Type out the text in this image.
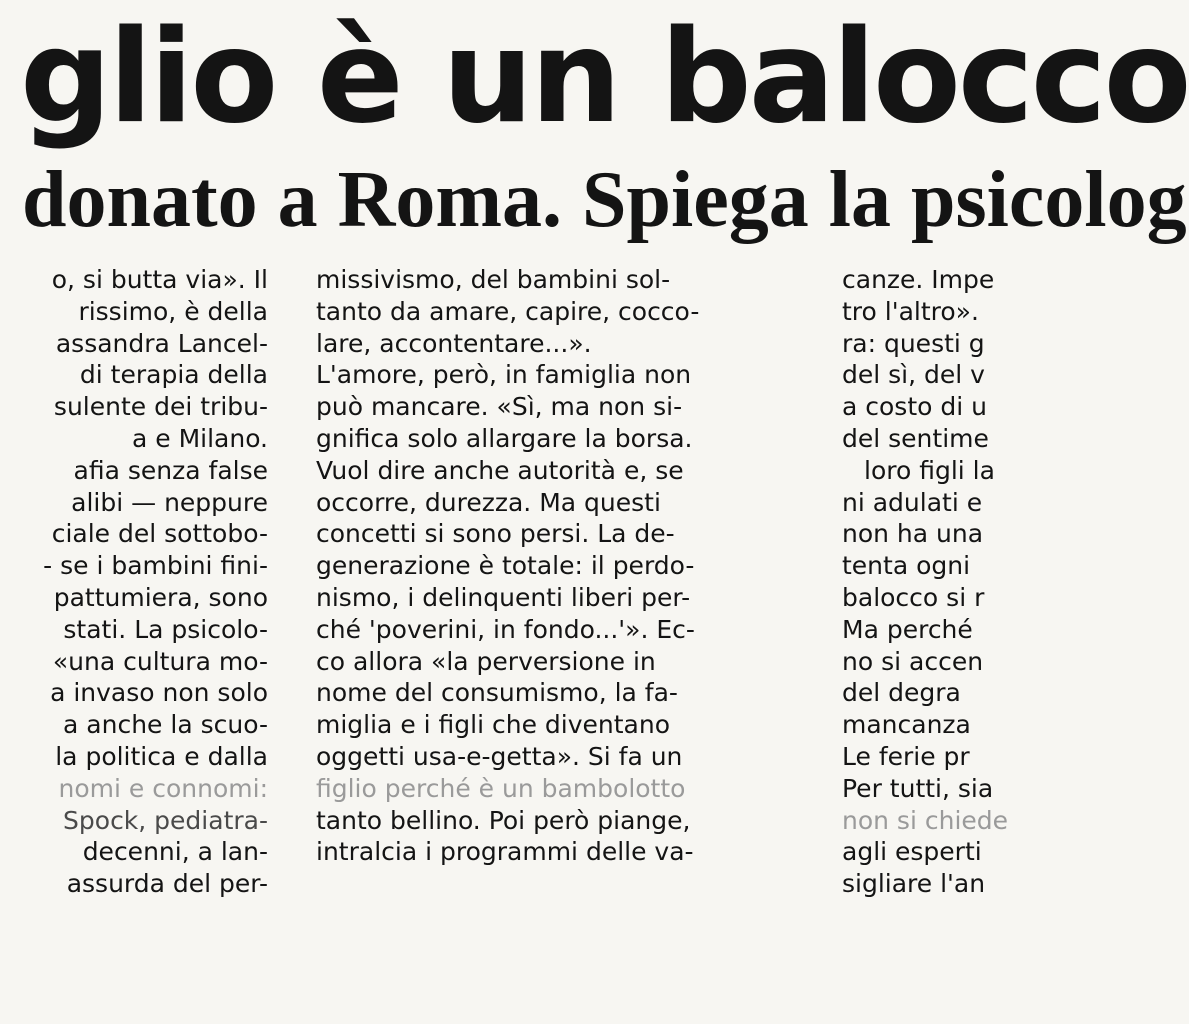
glio è un balocco
donato a Roma. Spiega la psicolog

o, si butta via». Il

rissimo, è della

assandra Lancel-

di terapia della

sulente dei tribu-

a e Milano.

afia senza false

alibi — neppure

ciale del sottobo-

- se i bambini fini-

pattumiera, sono

stati. La psicolo-

«una cultura mo-

a invaso non solo

a anche la scuo-

la politica e dalla

nomi e connomi:

Spock, pediatra-

decenni, a lan-

assurda del per-

missivismo, del bambini sol-

tanto da amare, capire, cocco-

lare, accontentare...».

L'amore, però, in famiglia non

può mancare. «Sì, ma non si-

gnifica solo allargare la borsa.

Vuol dire anche autorità e, se

occorre, durezza. Ma questi

concetti si sono persi. La de-

generazione è totale: il perdo-

nismo, i delinquenti liberi per-

ché 'poverini, in fondo...'». Ec-

co allora «la perversione in

nome del consumismo, la fa-

miglia e i figli che diventano

oggetti usa-e-getta». Si fa un

figlio perché è un bambolotto

tanto bellino. Poi però piange,

intralcia i programmi delle va-

canze. Impe

tro l'altro».

ra: questi g

del sì, del v

a costo di u

del sentime

loro figli la

ni adulati e

non ha una

tenta ogni

balocco si r

Ma perché

no si accen

del degra

mancanza

Le ferie pr

Per tutti, sia

non si chiede

agli esperti

sigliare l'an
